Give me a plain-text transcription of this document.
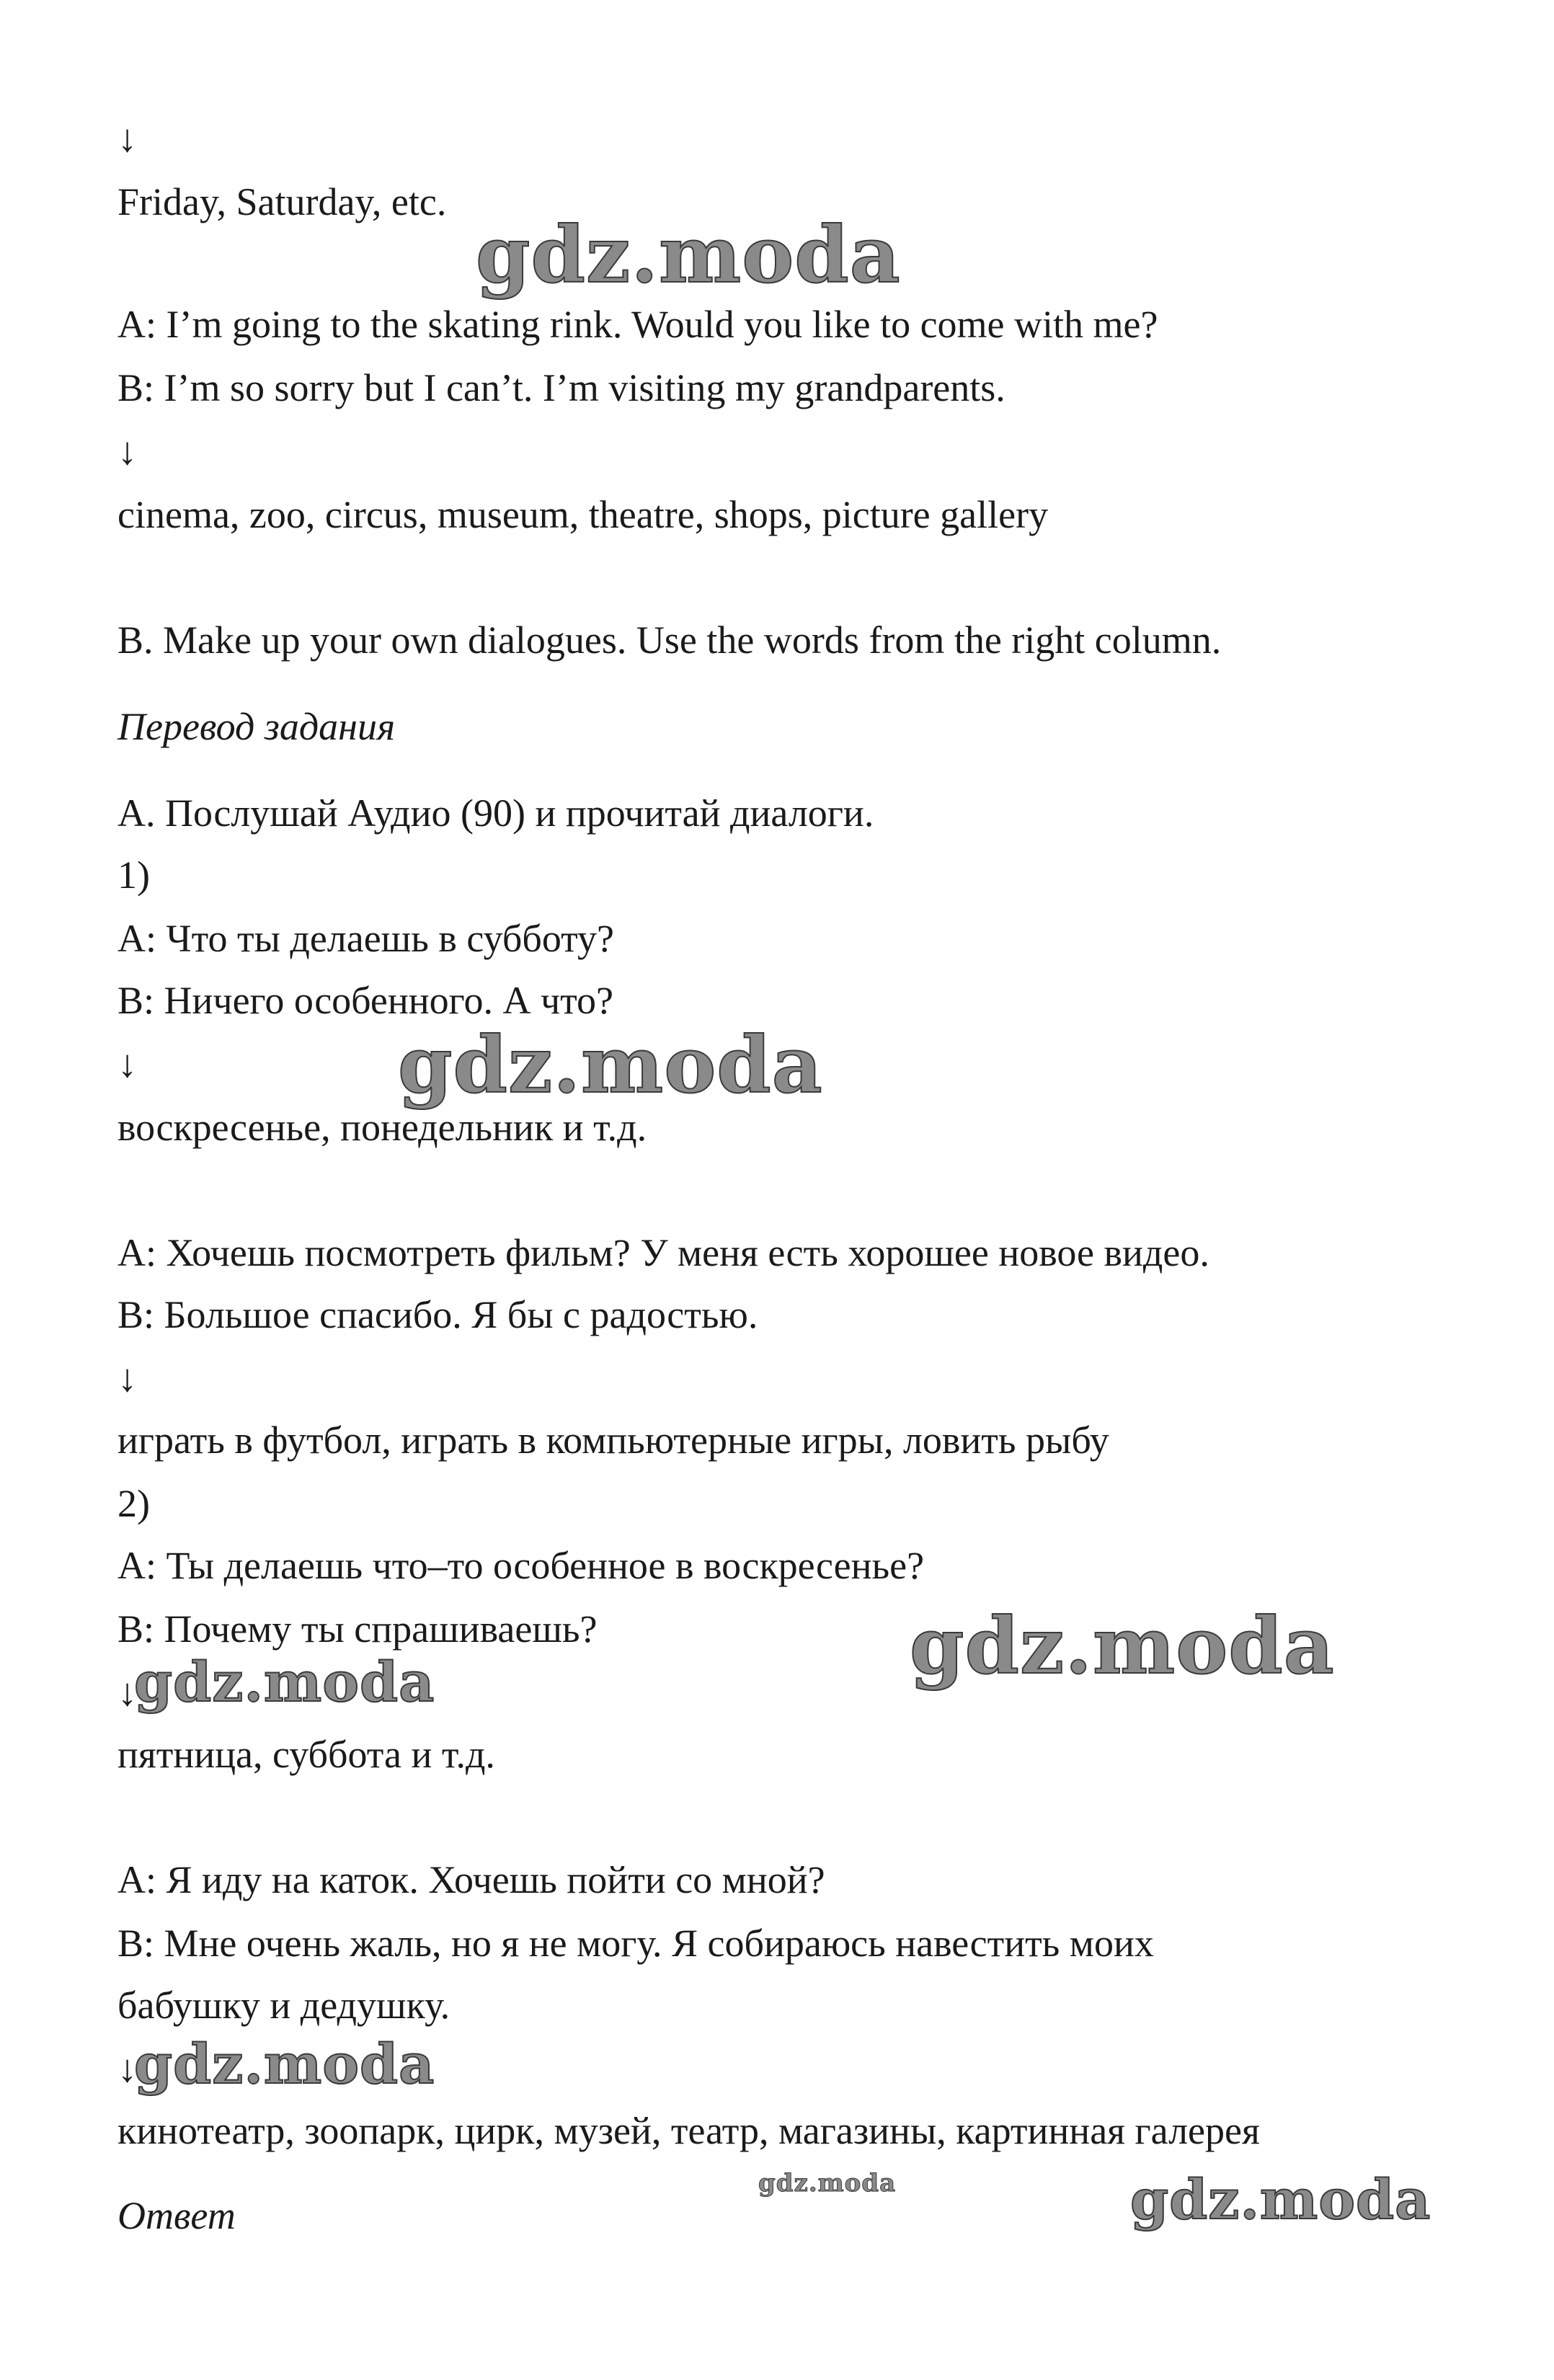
↓
Friday, Saturday, etc.
A: I’m going to the skating rink. Would you like to come with me?
B: I’m so sorry but I can’t. I’m visiting my grandparents.
↓
cinema, zoo, circus, museum, theatre, shops, picture gallery
B. Make up your own dialogues. Use the words from the right column.
Перевод задания
А. Послушай Аудио (90) и прочитай диалоги.
1)
А: Что ты делаешь в субботу?
В: Ничего особенного. А что?
↓
воскресенье, понедельник и т.д.
А: Хочешь посмотреть фильм? У меня есть хорошее новое видео.
В: Большое спасибо. Я бы с радостью.
↓
играть в футбол, играть в компьютерные игры, ловить рыбу
2)
А: Ты делаешь что–то особенное в воскресенье?
В: Почему ты спрашиваешь?
↓
пятница, суббота и т.д.
А: Я иду на каток. Хочешь пойти со мной?
В: Мне очень жаль, но я не могу. Я собираюсь навестить моих
бабушку и дедушку.
↓
кинотеатр, зоопарк, цирк, музей, театр, магазины, картинная галерея
Ответ
gdz.moda
gdz.moda
gdz.moda
gdz.moda
gdz.moda
gdz.moda	gdz.moda
